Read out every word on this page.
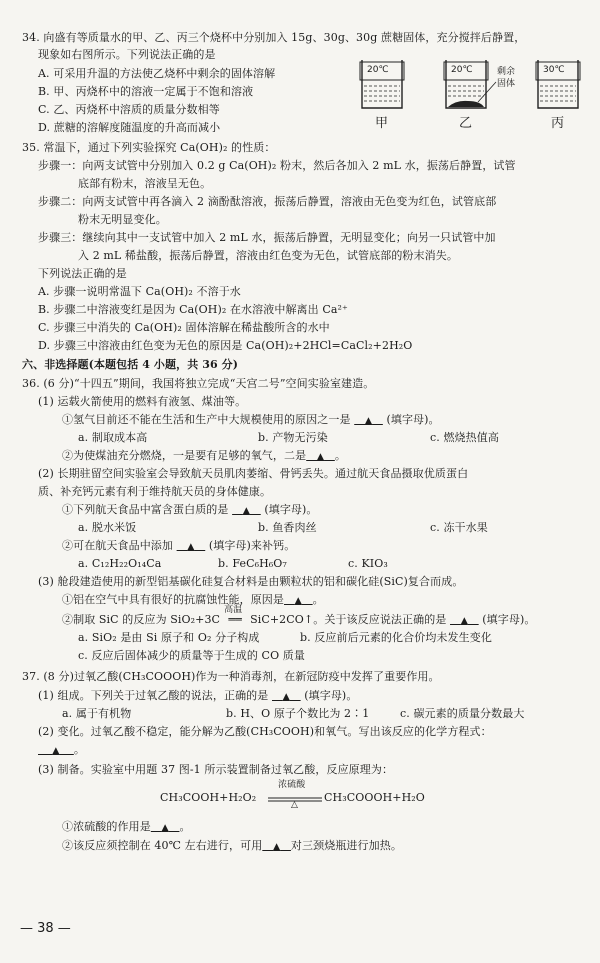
34. 向盛有等质量水的甲、乙、丙三个烧杯中分别加入 15g、30g、30g 蔗糖固体，充分搅拌后静置，
现象如右图所示。下列说法正确的是
A. 可采用升温的方法使乙烧杯中剩余的固体溶解
B. 甲、丙烧杯中的溶液一定属于不饱和溶液
C. 乙、丙烧杯中溶质的质量分数相等
D. 蔗糖的溶解度随温度的升高而减小
20℃	20℃	30℃
剩余
固体
甲	乙	丙
35. 常温下，通过下列实验探究 Ca(OH)₂ 的性质：
步骤一：向两支试管中分别加入 0.2 g Ca(OH)₂ 粉末，然后各加入 2 mL 水，振荡后静置，试管
底部有粉末，溶液呈无色。
步骤二：向两支试管中再各滴入 2 滴酚酞溶液，振荡后静置，溶液由无色变为红色，试管底部
粉末无明显变化。
步骤三：继续向其中一支试管中加入 2 mL 水，振荡后静置，无明显变化；向另一只试管中加
入 2 mL 稀盐酸，振荡后静置，溶液由红色变为无色，试管底部的粉末消失。
下列说法正确的是
A. 步骤一说明常温下 Ca(OH)₂ 不溶于水
B. 步骤二中溶液变红是因为 Ca(OH)₂ 在水溶液中解离出 Ca²⁺
C. 步骤三中消失的 Ca(OH)₂ 固体溶解在稀盐酸所含的水中
D. 步骤三中溶液由红色变为无色的原因是 Ca(OH)₂+2HCl=CaCl₂+2H₂O
六、非选择题(本题包括 4 小题，共 36 分)
36. (6 分)“十四五”期间，我国将独立完成“天宫二号”空间实验室建造。
(1) 运载火箭使用的燃料有液氢、煤油等。
①氢气目前还不能在生活和生产中大规模使用的原因之一是 ▲ (填字母)。
a. 制取成本高	b. 产物无污染	c. 燃烧热值高
②为使煤油充分燃烧，一是要有足够的氧气，二是 ▲ 。
(2) 长期驻留空间实验室会导致航天员肌肉萎缩、骨钙丢失。通过航天食品摄取优质蛋白
质、补充钙元素有利于维持航天员的身体健康。
①下列航天食品中富含蛋白质的是 ▲ (填字母)。
a. 脱水米饭	b. 鱼香肉丝	c. 冻干水果
②可在航天食品中添加 ▲ (填字母)来补钙。
a. C₁₂H₂₂O₁₄Ca	b. FeC₆H₆O₇	c. KIO₃
(3) 舱段建造使用的新型铝基碳化硅复合材料是由颗粒状的铝和碳化硅(SiC)复合而成。
①铝在空气中具有很好的抗腐蚀性能，原因是 ▲ 。
②制取 SiC 的反应为 SiO₂+3C
高温
══ SiC+2CO↑。关于该反应说法正确的是 ▲ (填字母)。
a. SiO₂ 是由 Si 原子和 O₂ 分子构成	b. 反应前后元素的化合价均未发生变化
c. 反应后固体减少的质量等于生成的 CO 质量
37. (8 分)过氧乙酸(CH₃COOOH)作为一种消毒剂，在新冠防疫中发挥了重要作用。
(1) 组成。下列关于过氧乙酸的说法，正确的是 ▲ (填字母)。
a. 属于有机物	b. H、O 原子个数比为 2∶1	c. 碳元素的质量分数最大
(2) 变化。过氧乙酸不稳定，能分解为乙酸(CH₃COOH)和氧气。写出该反应的化学方程式：
▲ 。
(3) 制备。实验室中用题 37 图-1 所示装置制备过氧乙酸，反应原理为：
CH₃COOH+H₂O₂
浓硫酸
△
CH₃COOOH+H₂O
①浓硫酸的作用是 ▲ 。
②该反应须控制在 40℃ 左右进行，可用 ▲ 对三颈烧瓶进行加热。
— 38 —
